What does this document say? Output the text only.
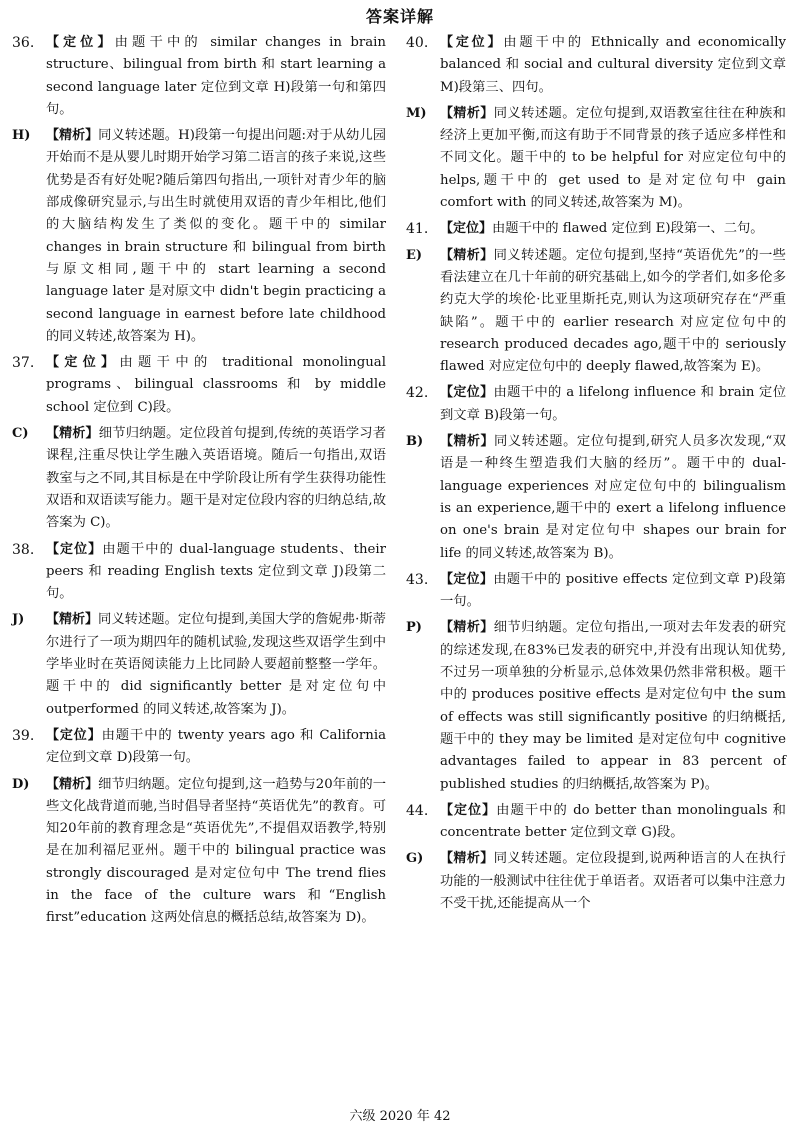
答案详解
36. 【定位】由题干中的 similar changes in brain structure、bilingual from birth 和 start learning a second language later 定位到文章 H)段第一句和第四句。
H)	【精析】同义转述题。H)段第一句提出问题:对于从幼儿园开始而不是从婴儿时期开始学习第二语言的孩子来说,这些优势是否有好处呢?随后第四句指出,一项针对青少年的脑部成像研究显示,与出生时就使用双语的青少年相比,他们的大脑结构发生了类似的变化。题干中的 similar changes in brain structure 和 bilingual from birth 与原文相同,题干中的 start learning a second language later 是对原文中 didn't begin practicing a second language in earnest before late childhood 的同义转述,故答案为 H)。
37. 【定位】由题干中的 traditional monolingual programs、bilingual classrooms 和 by middle school 定位到 C)段。
C)	【精析】细节归纳题。定位段首句提到,传统的英语学习者课程,注重尽快让学生融入英语语境。随后一句指出,双语教室与之不同,其目标是在中学阶段让所有学生获得功能性双语和双语读写能力。题干是对定位段内容的归纳总结,故答案为 C)。
38. 【定位】由题干中的 dual-language students、their peers 和 reading English texts 定位到文章 J)段第二句。
J)	【精析】同义转述题。定位句提到,美国大学的詹妮弗·斯蒂尔进行了一项为期四年的随机试验,发现这些双语学生到中学毕业时在英语阅读能力上比同龄人要超前整整一学年。题干中的 did significantly better 是对定位句中 outperformed 的同义转述,故答案为 J)。
39. 【定位】由题干中的 twenty years ago 和 California 定位到文章 D)段第一句。
D)	【精析】细节归纳题。定位句提到,这一趋势与20年前的一些文化战背道而驰,当时倡导者坚持“英语优先”的教育。可知20年前的教育理念是“英语优先”,不提倡双语教学,特别是在加利福尼亚州。题干中的 bilingual practice was strongly discouraged 是对定位句中 The trend flies in the face of the culture wars 和“English first”education 这两处信息的概括总结,故答案为 D)。
40. 【定位】由题干中的 Ethnically and economically balanced 和 social and cultural diversity 定位到文章 M)段第三、四句。
M)	【精析】同义转述题。定位句提到,双语教室往往在种族和经济上更加平衡,而这有助于不同背景的孩子适应多样性和不同文化。题干中的 to be helpful for 对应定位句中的 helps,题干中的 get used to 是对定位句中 gain comfort with 的同义转述,故答案为 M)。
41. 【定位】由题干中的 flawed 定位到 E)段第一、二句。
E)	【精析】同义转述题。定位句提到,坚持“英语优先”的一些看法建立在几十年前的研究基础上,如今的学者们,如多伦多约克大学的埃伦·比亚里斯托克,则认为这项研究存在“严重缺陷”。题干中的 earlier research 对应定位句中的 research produced decades ago,题干中的 seriously flawed 对应定位句中的 deeply flawed,故答案为 E)。
42. 【定位】由题干中的 a lifelong influence 和 brain 定位到文章 B)段第一句。
B)	【精析】同义转述题。定位句提到,研究人员多次发现,“双语是一种终生塑造我们大脑的经历”。题干中的 dual-language experiences 对应定位句中的 bilingualism is an experience,题干中的 exert a lifelong influence on one's brain 是对定位句中 shapes our brain for life 的同义转述,故答案为 B)。
43. 【定位】由题干中的 positive effects 定位到文章 P)段第一句。
P)	【精析】细节归纳题。定位句指出,一项对去年发表的研究的综述发现,在83%已发表的研究中,并没有出现认知优势,不过另一项单独的分析显示,总体效果仍然非常积极。题干中的 produces positive effects 是对定位句中 the sum of effects was still significantly positive 的归纳概括,题干中的 they may be limited 是对定位句中 cognitive advantages failed to appear in 83 percent of published studies 的归纳概括,故答案为 P)。
44. 【定位】由题干中的 do better than monolinguals 和 concentrate better 定位到文章 G)段。
G)	【精析】同义转述题。定位段提到,说两种语言的人在执行功能的一般测试中往往优于单语者。双语者可以集中注意力不受干扰,还能提高从一个
六级 2020 年 42
